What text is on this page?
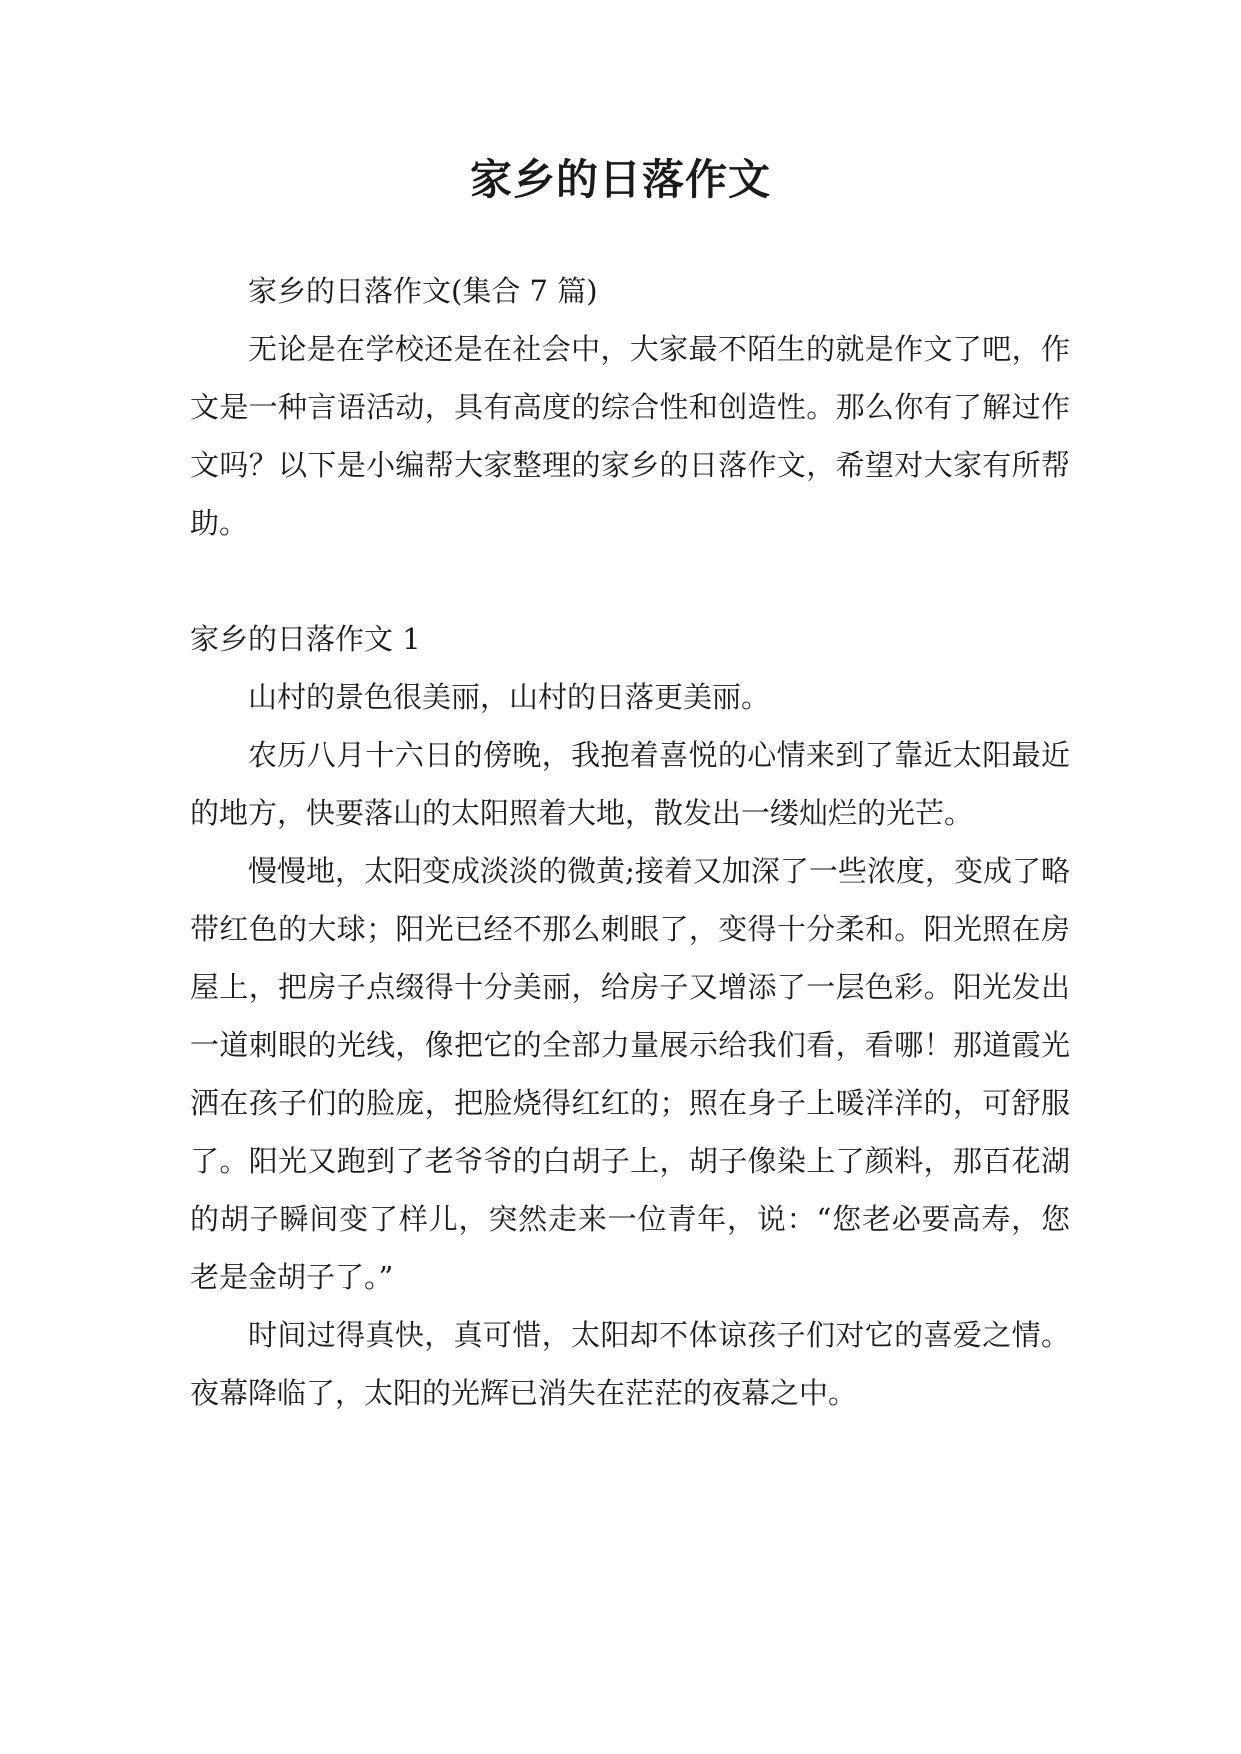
家乡的日落作文

家乡的日落作文(集合 7 篇)

无论是在学校还是在社会中，大家最不陌生的就是作文了吧，作文是一种言语活动，具有高度的综合性和创造性。那么你有了解过作文吗？以下是小编帮大家整理的家乡的日落作文，希望对大家有所帮助。

家乡的日落作文 1

山村的景色很美丽，山村的日落更美丽。

农历八月十六日的傍晚，我抱着喜悦的心情来到了靠近太阳最近的地方，快要落山的太阳照着大地，散发出一缕灿烂的光芒。

慢慢地，太阳变成淡淡的微黄;接着又加深了一些浓度，变成了略带红色的大球；阳光已经不那么刺眼了，变得十分柔和。阳光照在房屋上，把房子点缀得十分美丽，给房子又增添了一层色彩。阳光发出一道刺眼的光线，像把它的全部力量展示给我们看，看哪！那道霞光洒在孩子们的脸庞，把脸烧得红红的；照在身子上暖洋洋的，可舒服了。阳光又跑到了老爷爷的白胡子上，胡子像染上了颜料，那百花湖的胡子瞬间变了样儿，突然走来一位青年，说：“您老必要高寿，您老是金胡子了。”

时间过得真快，真可惜，太阳却不体谅孩子们对它的喜爱之情。夜幕降临了，太阳的光辉已消失在茫茫的夜幕之中。
